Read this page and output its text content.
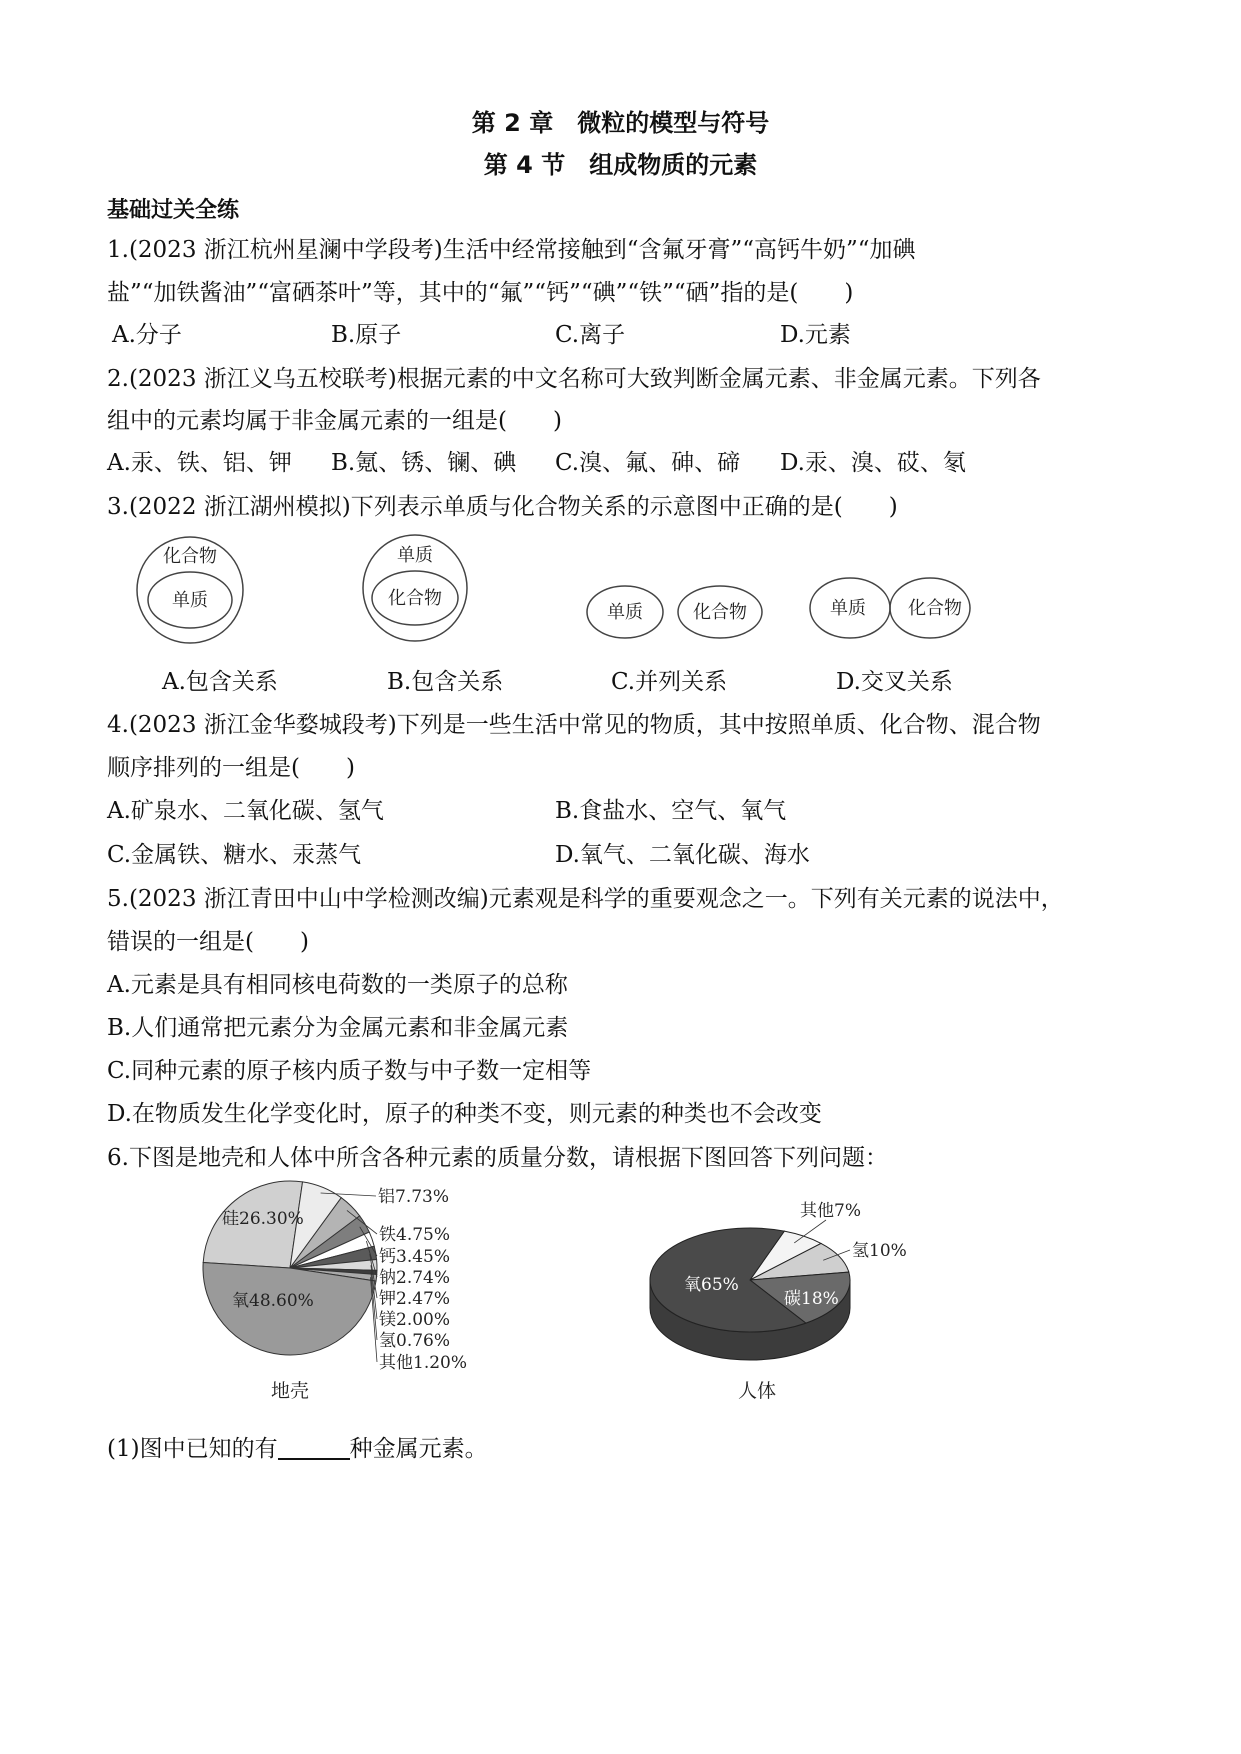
第 2 章　微粒的模型与符号
第 4 节　组成物质的元素
基础过关全练
1.(2023 浙江杭州星澜中学段考)生活中经常接触到“含氟牙膏”“高钙牛奶”“加碘
盐”“加铁酱油”“富硒茶叶”等，其中的“氟”“钙”“碘”“铁”“硒”指的是(　　)
A.分子	B.原子	C.离子	D.元素
2.(2023 浙江义乌五校联考)根据元素的中文名称可大致判断金属元素、非金属元素。下列各
组中的元素均属于非金属元素的一组是(　　)
A.汞、铁、铝、钾 B.氪、锈、镧、碘 C.溴、氟、砷、碲 D.汞、溴、砹、氡
3.(2022 浙江湖州模拟)下列表示单质与化合物关系的示意图中正确的是(　　)
化合物
单质
单质
化合物
单质	化合物	单质 化合物
氧48.60%
硅26.30%
铝7.73%
铁4.75%
钙3.45%
钠2.74%
钾2.47%
镁2.00%
氢0.76%
其他1.20%
地壳
氧65%
碳18%
氢10%
其他7%
人体
A.包含关系	B.包含关系	C.并列关系	D.交叉关系
4.(2023 浙江金华婺城段考)下列是一些生活中常见的物质，其中按照单质、化合物、混合物
顺序排列的一组是(　　)
A.矿泉水、二氧化碳、氢气	B.食盐水、空气、氧气
C.金属铁、糖水、汞蒸气	D.氧气、二氧化碳、海水
5.(2023 浙江青田中山中学检测改编)元素观是科学的重要观念之一。下列有关元素的说法中，
错误的一组是(　　)
A.元素是具有相同核电荷数的一类原子的总称
B.人们通常把元素分为金属元素和非金属元素
C.同种元素的原子核内质子数与中子数一定相等
D.在物质发生化学变化时，原子的种类不变，则元素的种类也不会改变
6.下图是地壳和人体中所含各种元素的质量分数，请根据下图回答下列问题：
(1)图中已知的有	种金属元素。
